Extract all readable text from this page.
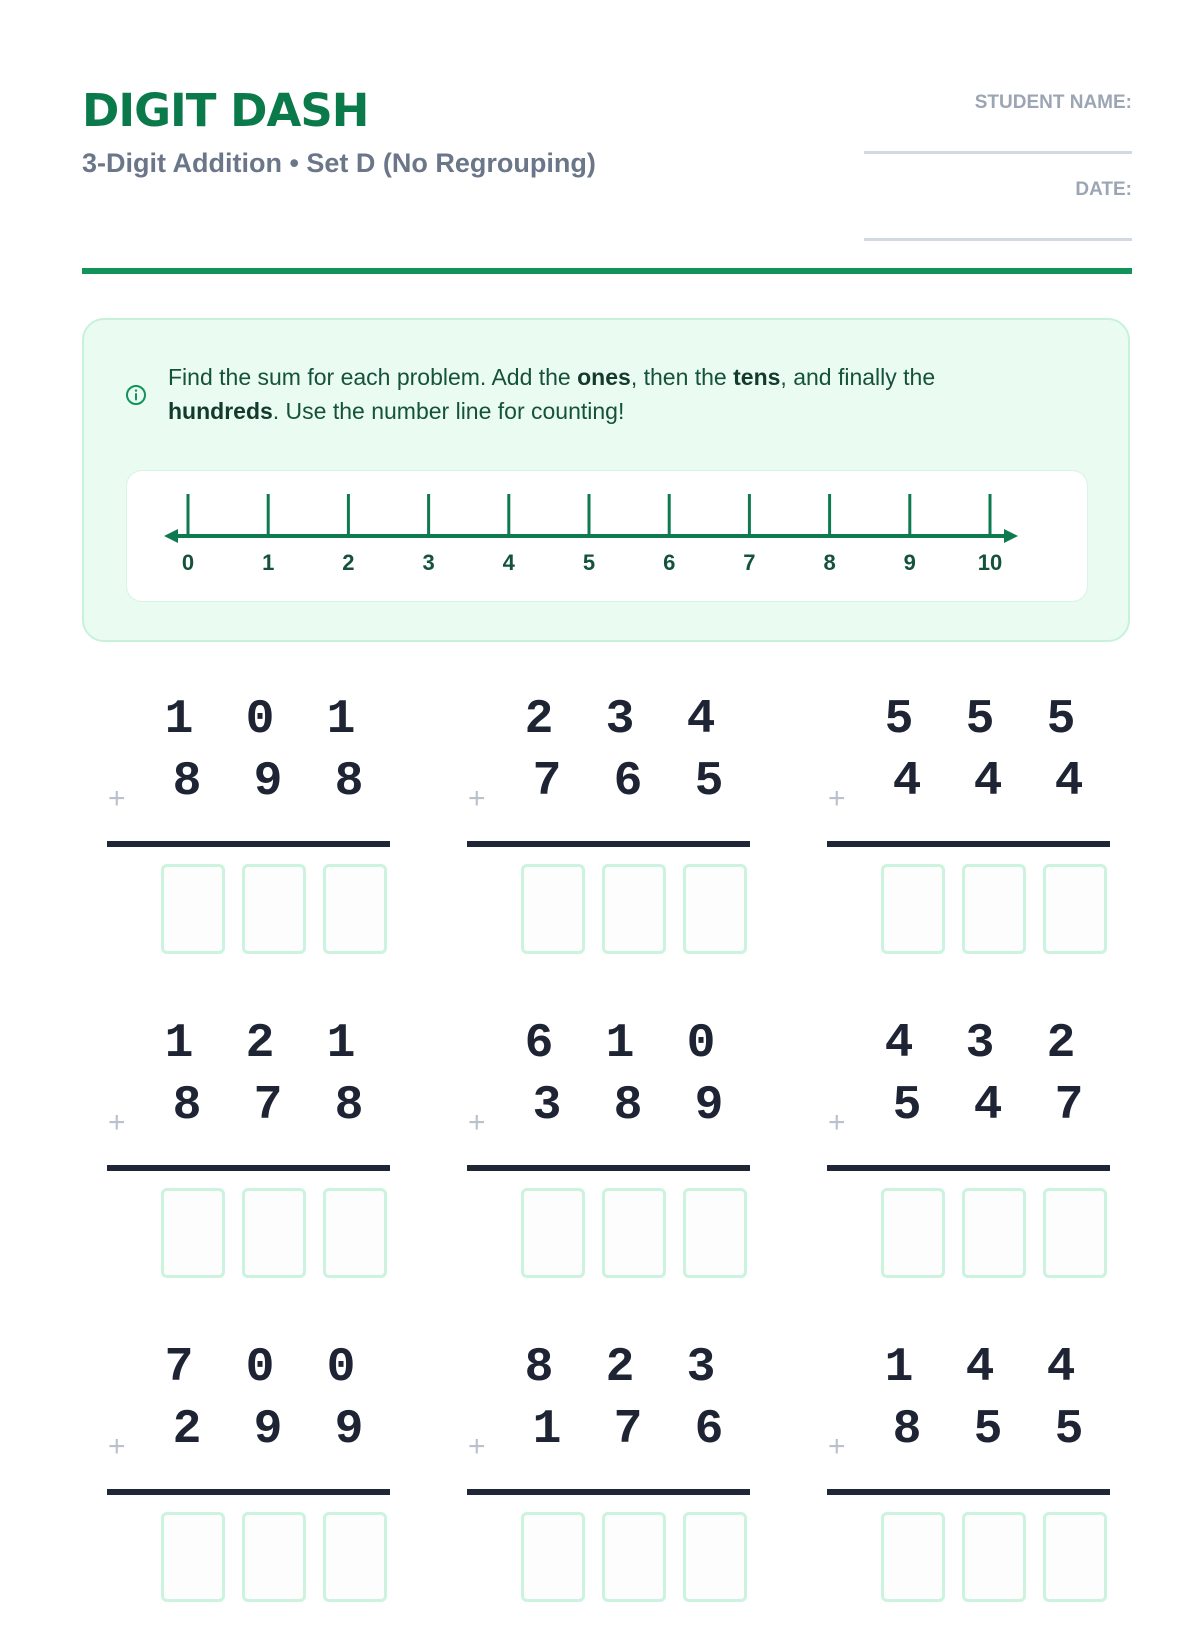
DIGIT DASH
3-Digit Addition • Set D (No Regrouping)
STUDENT NAME:
DATE:
Find the sum for each problem. Add the ones, then the tens, and finally the hundreds. Use the number line for counting!
0	1	2	3	4	5	6	7	8	9	10
1	0	1
+ 8	9	8
2	3	4
+ 7	6	5
5	5	5
+ 4	4	4
1	2	1
+ 8	7	8
6	1	0
+ 3	8	9
4	3	2
+ 5	4	7
7	0	0
+ 2	9	9
8	2	3
+ 1	7	6
1	4	4
+ 8	5	5
